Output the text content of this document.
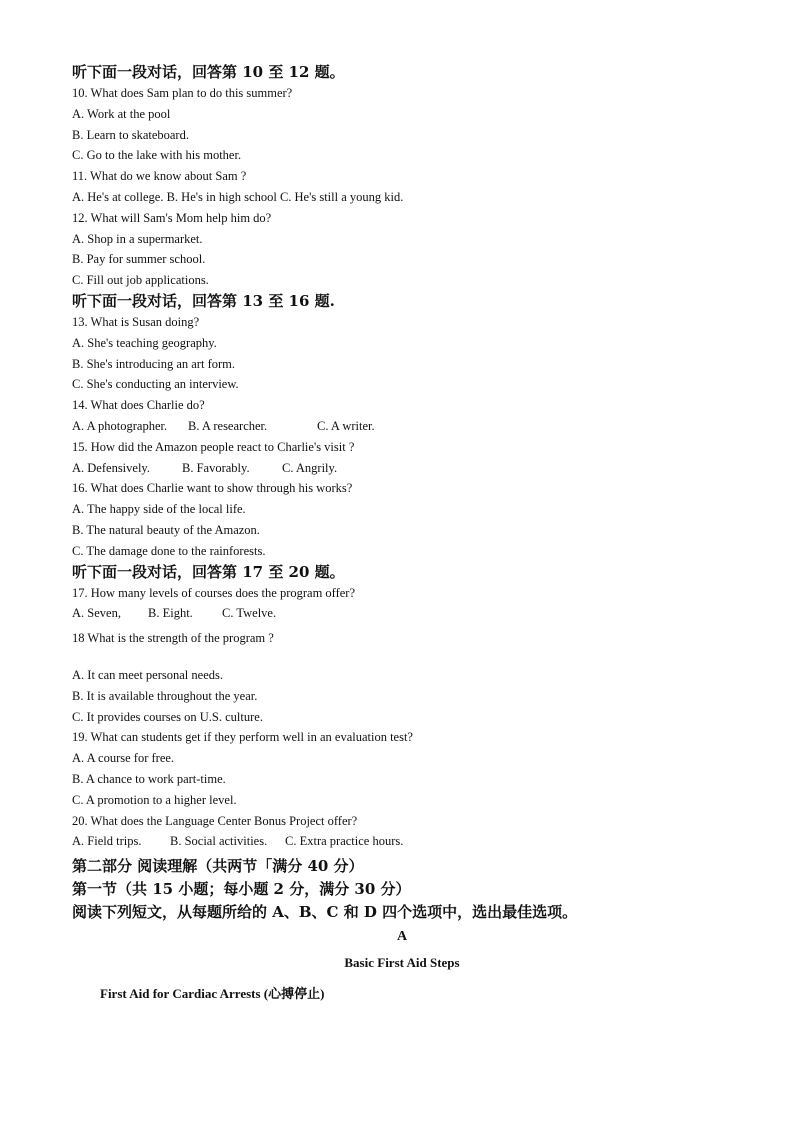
听下面一段对话，回答第 10 至 12 题。
10. What does Sam plan to do this summer?
A. Work at the pool
B. Learn to skateboard.
C. Go to the lake with his mother.
11. What do we know about Sam ?
A. He's at college. B. He's in high school C. He's still a young kid.
12. What will Sam's Mom help him do?
A. Shop in a supermarket.
B. Pay for summer school.
C. Fill out job applications.
听下面一段对话，回答第 13 至 16 题.
13. What is Susan doing?
A. She's teaching geography.
B. She's introducing an art form.
C. She's conducting an interview.
14. What does Charlie do?
A. A photographer. B. A researcher.	C. A writer.
15. How did the Amazon people react to Charlie's visit ?
A. Defensively.	B. Favorably.	C. Angrily.
16. What does Charlie want to show through his works?
A. The happy side of the local life.
B. The natural beauty of the Amazon.
C. The damage done to the rainforests.
听下面一段对话，回答第 17 至 20 题。
17. How many levels of courses does the program offer?
A. Seven, B. Eight. C. Twelve.
18 What is the strength of the program ?
A. It can meet personal needs.
B. It is available throughout the year.
C. It provides courses on U.S. culture.
19. What can students get if they perform well in an evaluation test?
A. A course for free.
B. A chance to work part-time.
C. A promotion to a higher level.
20. What does the Language Center Bonus Project offer?
A. Field trips. B. Social activities. C. Extra practice hours.
第二部分 阅读理解（共两节「满分 40 分）
第一节（共 15 小题；每小题 2 分，满分 30 分）
阅读下列短文，从每题所给的 A、B、C 和 D 四个选项中，选出最佳选项。
A
Basic First Aid Steps
First Aid for Cardiac Arrests (心搏停止)
